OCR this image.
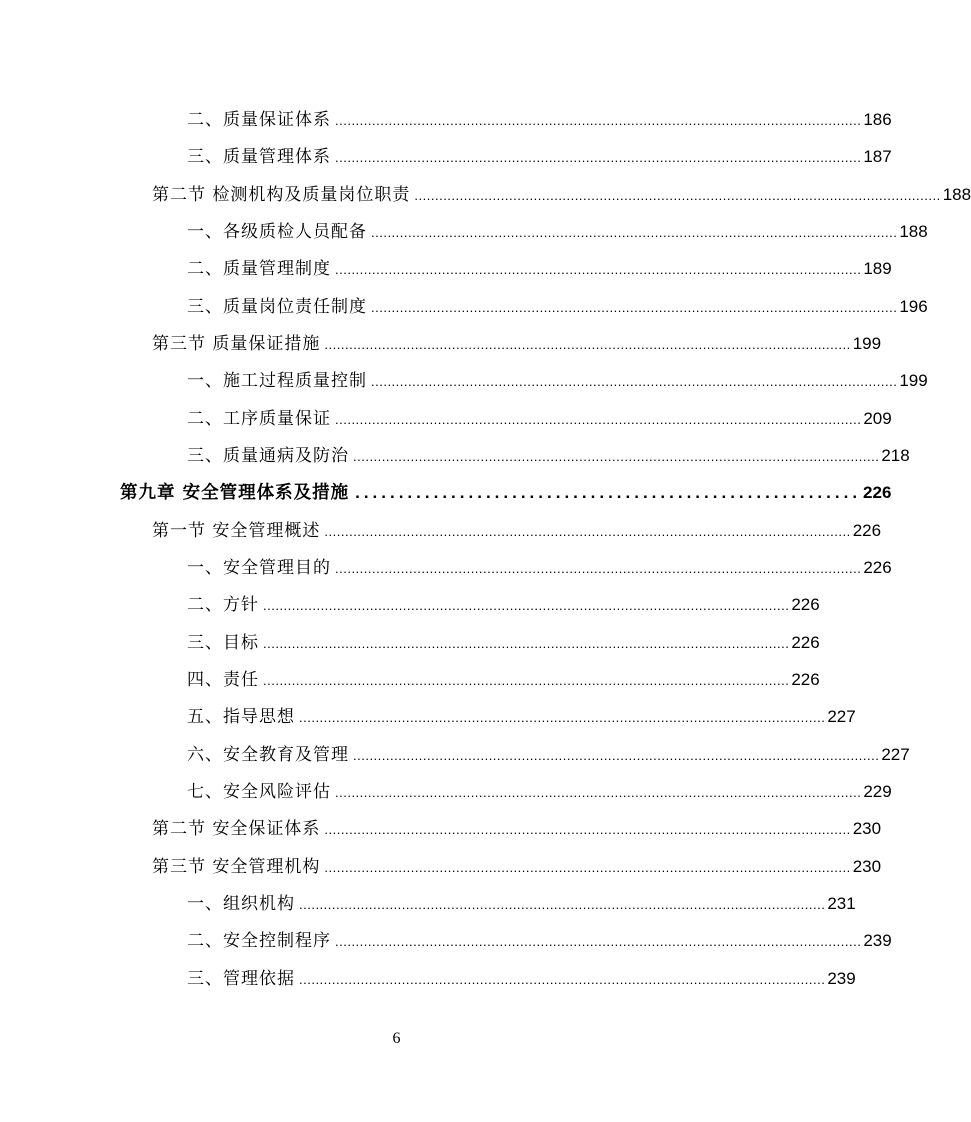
二、质量保证体系 ................................................................................................................................ 186
三、质量管理体系 ................................................................................................................................ 187
第二节 检测机构及质量岗位职责 ................................................................................................................................ 188
一、各级质检人员配备 ................................................................................................................................ 188
二、质量管理制度 ................................................................................................................................ 189
三、质量岗位责任制度 ................................................................................................................................ 196
第三节 质量保证措施 ................................................................................................................................ 199
一、施工过程质量控制 ................................................................................................................................ 199
二、工序质量保证 ................................................................................................................................ 209
三、质量通病及防治 ................................................................................................................................ 218
第九章 安全管理体系及措施 .......................................................... 226
第一节 安全管理概述 ................................................................................................................................ 226
一、安全管理目的 ................................................................................................................................ 226
二、方针 ................................................................................................................................ 226
三、目标 ................................................................................................................................ 226
四、责任 ................................................................................................................................ 226
五、指导思想 ................................................................................................................................ 227
六、安全教育及管理 ................................................................................................................................ 227
七、安全风险评估 ................................................................................................................................ 229
第二节 安全保证体系 ................................................................................................................................ 230
第三节 安全管理机构 ................................................................................................................................ 230
一、组织机构 ................................................................................................................................ 231
二、安全控制程序 ................................................................................................................................ 239
三、管理依据 ................................................................................................................................ 239
6
